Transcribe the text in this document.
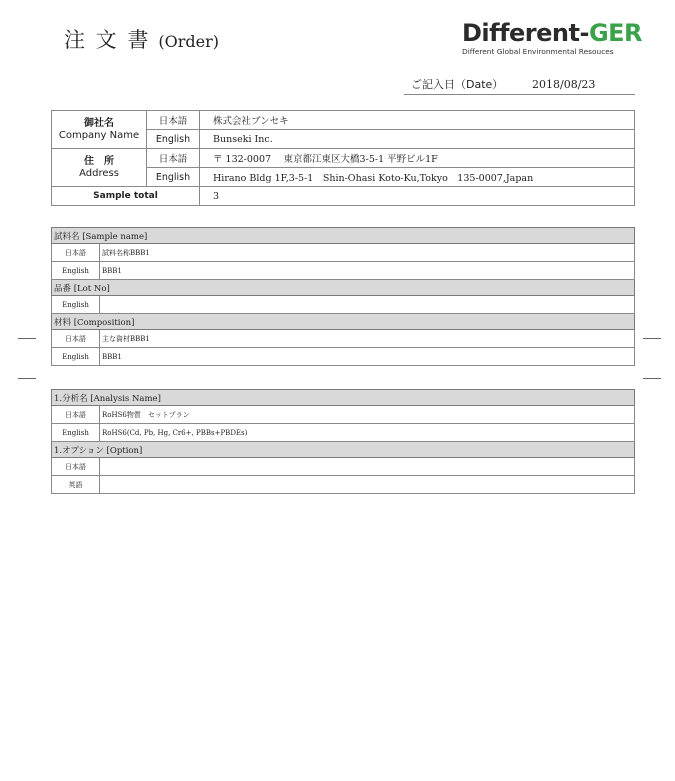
注 文 書 (Order)	Different-GER
Different Global Environmental Resouces
ご記入日（Date）	2018/08/23
御社名
Company Name	日本語	株式会社ブンセキ
	English	Bunseki Inc.
住　所
Address	日本語	〒 132-0007　 東京都江東区大橋3-5-1 平野ビル1F
	English	Hirano Bldg 1F,3-5-1　Shin-Ohasi Koto-Ku,Tokyo　135-0007,Japan
Sample total		3
試料名 [Sample name]	
日本語	試料名称BBB1
English	BBB1
品番 [Lot No]	
English	
材料 [Composition]	
日本語	主な資材BBB1
English	BBB1
1.分析名 [Analysis Name]	
日本語	RoHS6物質　セットプラン
English	RoHS6(Cd, Pb, Hg, Cr6+, PBBs+PBDEs)
1.オプション [Option]	
日本語	
英語	
